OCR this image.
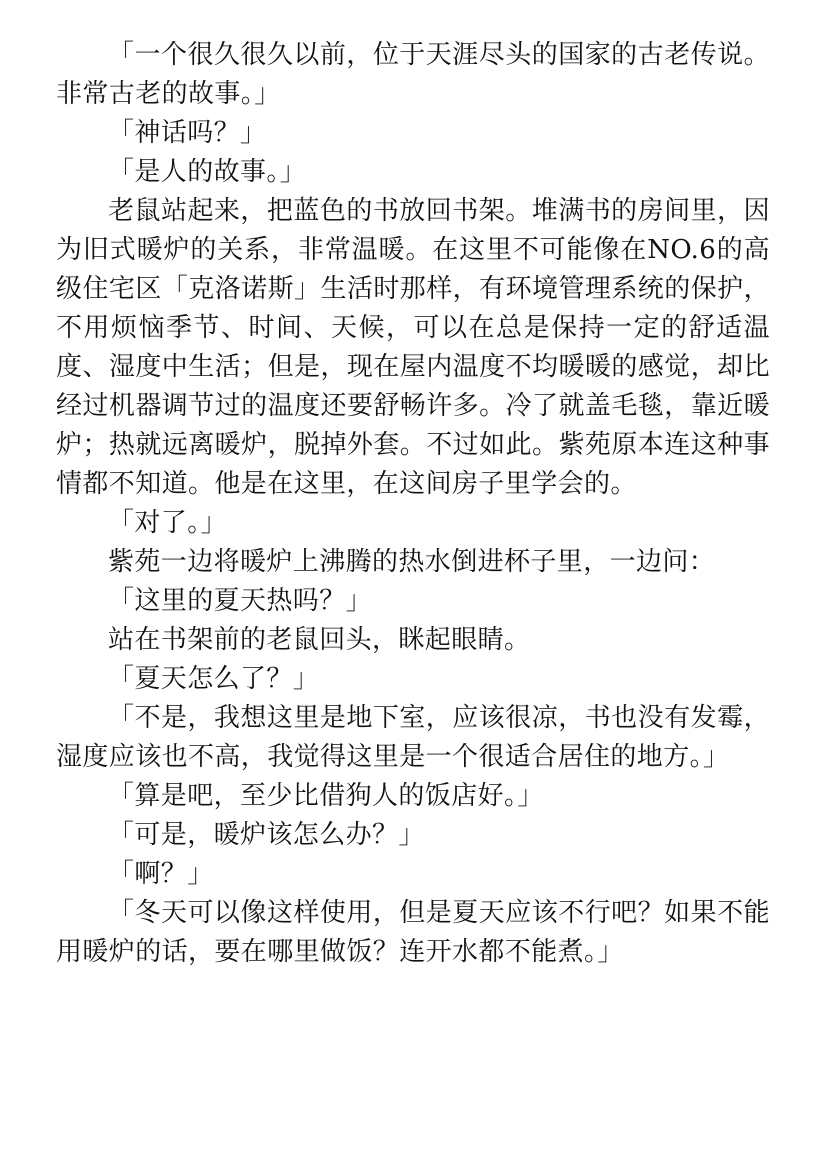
「一个很久很久以前，位于天涯尽头的国家的古老传说。非常古老的故事。」

「神话吗？」

「是人的故事。」

老鼠站起来，把蓝色的书放回书架。堆满书的房间里，因为旧式暖炉的关系，非常温暖。在这里不可能像在NO.6的高级住宅区「克洛诺斯」生活时那样，有环境管理系统的保护，不用烦恼季节、时间、天候，可以在总是保持一定的舒适温度、湿度中生活；但是，现在屋内温度不均暖暖的感觉，却比经过机器调节过的温度还要舒畅许多。冷了就盖毛毯，靠近暖炉；热就远离暖炉，脱掉外套。不过如此。紫苑原本连这种事情都不知道。他是在这里，在这间房子里学会的。

「对了。」

紫苑一边将暖炉上沸腾的热水倒进杯子里，一边问：

「这里的夏天热吗？」

站在书架前的老鼠回头，眯起眼睛。

「夏天怎么了？」

「不是，我想这里是地下室，应该很凉，书也没有发霉，湿度应该也不高，我觉得这里是一个很适合居住的地方。」

「算是吧，至少比借狗人的饭店好。」

「可是，暖炉该怎么办？」

「啊？」

「冬天可以像这样使用，但是夏天应该不行吧？如果不能用暖炉的话，要在哪里做饭？连开水都不能煮。」
